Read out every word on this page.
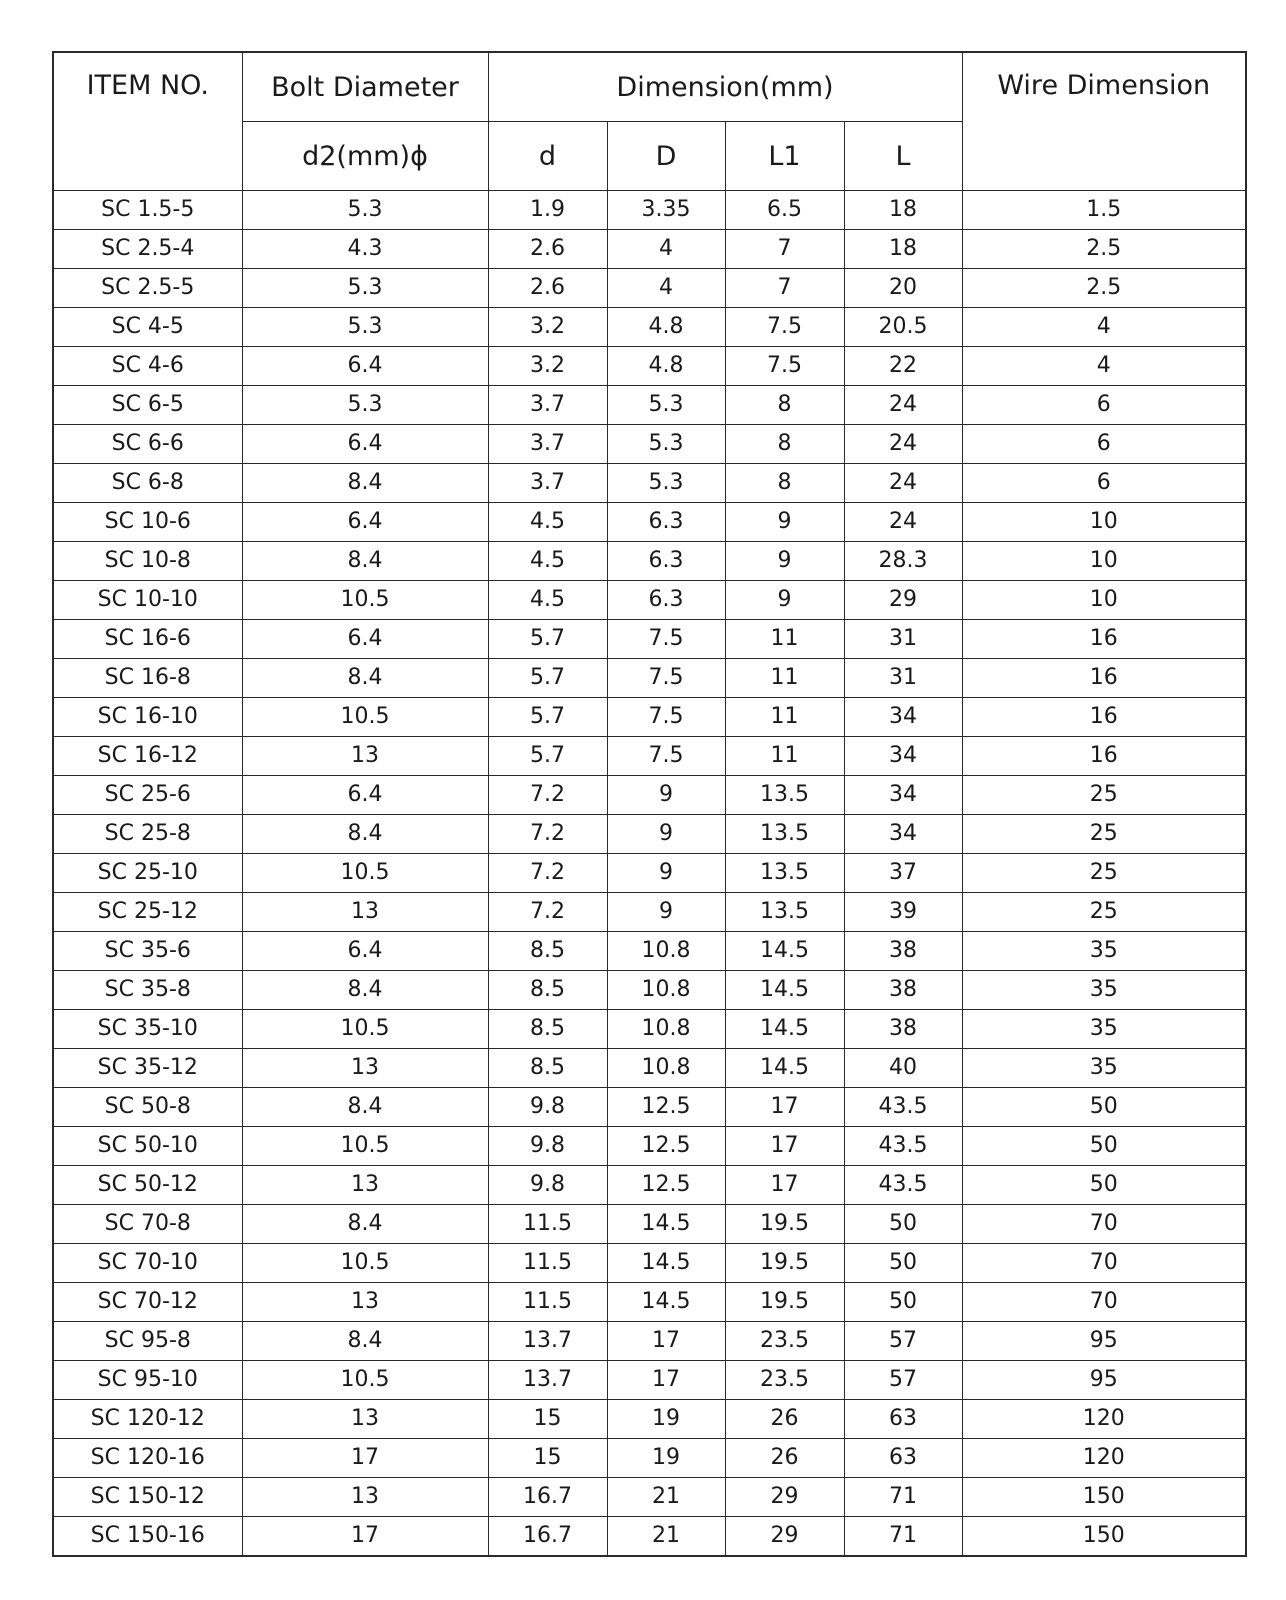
ITEM NO.	Bolt Diameter	Dimension(mm)				Wire Dimension
	d2(mm)ϕ	d	D	L1	L	
SC 1.5-5	5.3	1.9	3.35	6.5	18	1.5
SC 2.5-4	4.3	2.6	4	7	18	2.5
SC 2.5-5	5.3	2.6	4	7	20	2.5
SC 4-5	5.3	3.2	4.8	7.5	20.5	4
SC 4-6	6.4	3.2	4.8	7.5	22	4
SC 6-5	5.3	3.7	5.3	8	24	6
SC 6-6	6.4	3.7	5.3	8	24	6
SC 6-8	8.4	3.7	5.3	8	24	6
SC 10-6	6.4	4.5	6.3	9	24	10
SC 10-8	8.4	4.5	6.3	9	28.3	10
SC 10-10	10.5	4.5	6.3	9	29	10
SC 16-6	6.4	5.7	7.5	11	31	16
SC 16-8	8.4	5.7	7.5	11	31	16
SC 16-10	10.5	5.7	7.5	11	34	16
SC 16-12	13	5.7	7.5	11	34	16
SC 25-6	6.4	7.2	9	13.5	34	25
SC 25-8	8.4	7.2	9	13.5	34	25
SC 25-10	10.5	7.2	9	13.5	37	25
SC 25-12	13	7.2	9	13.5	39	25
SC 35-6	6.4	8.5	10.8	14.5	38	35
SC 35-8	8.4	8.5	10.8	14.5	38	35
SC 35-10	10.5	8.5	10.8	14.5	38	35
SC 35-12	13	8.5	10.8	14.5	40	35
SC 50-8	8.4	9.8	12.5	17	43.5	50
SC 50-10	10.5	9.8	12.5	17	43.5	50
SC 50-12	13	9.8	12.5	17	43.5	50
SC 70-8	8.4	11.5	14.5	19.5	50	70
SC 70-10	10.5	11.5	14.5	19.5	50	70
SC 70-12	13	11.5	14.5	19.5	50	70
SC 95-8	8.4	13.7	17	23.5	57	95
SC 95-10	10.5	13.7	17	23.5	57	95
SC 120-12	13	15	19	26	63	120
SC 120-16	17	15	19	26	63	120
SC 150-12	13	16.7	21	29	71	150
SC 150-16	17	16.7	21	29	71	150
